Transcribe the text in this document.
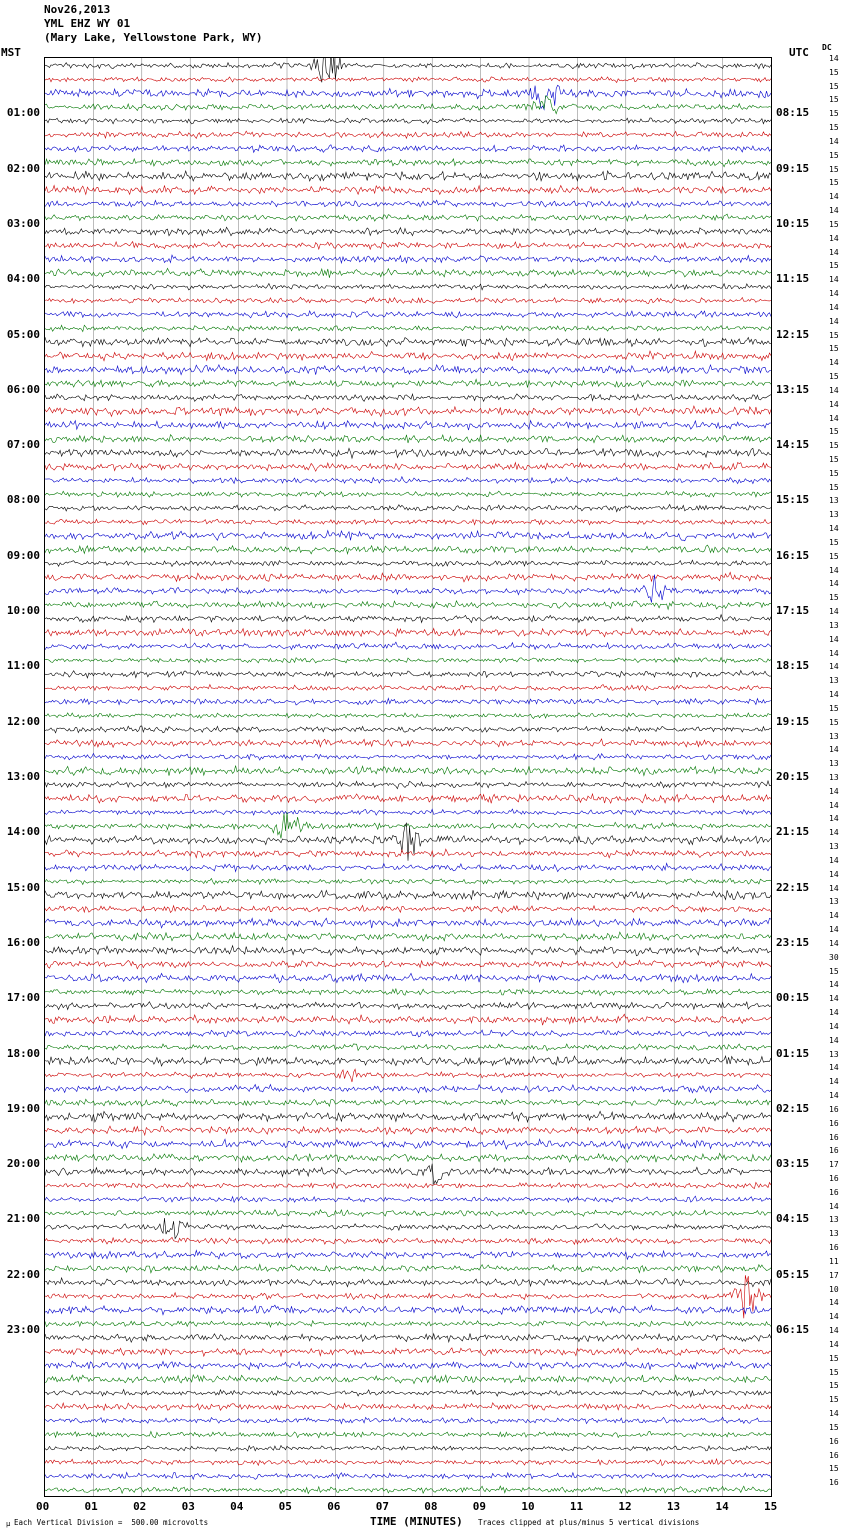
Nov26,2013
YML EHZ WY 01
(Mary Lake, Yellowstone Park, WY)
MST	UTC DC
01:00
02:00
03:00
04:00
05:00
06:00
07:00
08:00
09:00
10:00
11:00
12:00
13:00
14:00
15:00
16:00
17:00
18:00
19:00
20:00
21:00
22:00
23:00
08:15
09:15
10:15
11:15
12:15
13:15
14:15
15:15
16:15
17:15
18:15
19:15
20:15
21:15
22:15
23:15
00:15
01:15
02:15
03:15
04:15
05:15
06:15
14
15
15
15
15
15
14
15
15
15
14
14
15
14
14
15
14
14
14
14
15
15
14
15
14
14
14
15
15
15
15
15
13
13
14
15
15
14
14
15
14
13
14
14
14
13
14
15
15
13
14
13
13
14
14
14
14
13
14
14
14
13
14
14
14
30
15
14
14
14
14
14
13
14
14
14
16
16
16
16
17
16
16
14
13
13
16
11
17
10
14
14
14
14
15
15
15
15
14
15
16
16
15
16
00	01	02	03	04	05	06	07	08	09	10	11	12	13	14	15
μ Each Vertical Division =  500.00 microvolts	TIME (MINUTES) Traces clipped at plus/minus 5 vertical divisions
